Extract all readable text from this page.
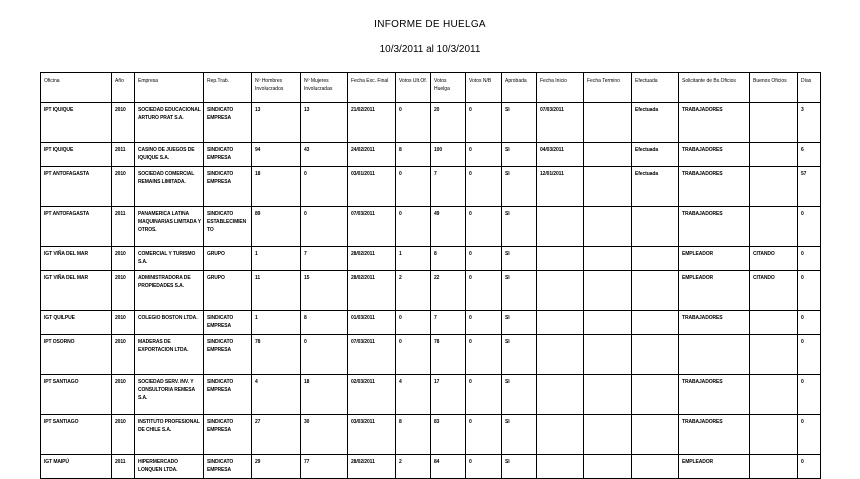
INFORME DE HUELGA
10/3/2011 al 10/3/2011
Oficina	Año	Empresa	Rep.Trab.	Nº Hombres Involucrados	Nº Mujeres Involucradas	Fecha Exc. Final	Votos Ult.Of.	Votos Huelga	Votos N/B	Aprobada	Fecha Inicio	Fecha Termino	Efectuada	Solicitante de Bs.Oficios	Buenos Oficios	Días
IPT IQUIQUE	2010	SOCIEDAD EDUCACIONAL ARTURO PRAT S.A.	SINDICATO EMPRESA	13	13	21/02/2011	0	20	0	SI	07/03/2011		Efectuada	TRABAJADORES		3
IPT IQUIQUE	2011	CASINO DE JUEGOS DE IQUIQUE S.A.	SINDICATO EMPRESA	94	43	24/02/2011	8	100	0	SI	04/03/2011		Efectuada	TRABAJADORES		6
IPT ANTOFAGASTA	2010	SOCIEDAD COMERCIAL REMAINS LIMITADA.	SINDICATO EMPRESA	18	0	03/01/2011	0	7	0	SI	12/01/2011		Efectuada	TRABAJADORES		57
IPT ANTOFAGASTA	2011	PANAMERICA LATINA MAQUINARIAS LIMITADA Y OTROS.	SINDICATO ESTABLECIMIENTO	89	0	07/03/2011	0	49	0	SI				TRABAJADORES		0
IGT VIÑA DEL MAR	2010	COMERCIAL Y TURISMO S.A.	GRUPO	1	7	28/02/2011	1	8	0	SI				EMPLEADOR	CITANDO	0
IGT VIÑA DEL MAR	2010	ADMINISTRADORA DE PROPIEDADES S.A.	GRUPO	11	15	28/02/2011	2	22	0	SI				EMPLEADOR	CITANDO	0
IGT QUILPUE	2010	COLEGIO BOSTON LTDA.	SINDICATO EMPRESA	1	8	01/03/2011	0	7	0	SI				TRABAJADORES		0
IPT OSORNO	2010	MADERAS DE EXPORTACION LTDA.	SINDICATO EMPRESA	78	0	07/03/2011	0	78	0	SI						0
IPT SANTIAGO	2010	SOCIEDAD SERV. INV. Y CONSULTORIA REMESA S.A.	SINDICATO EMPRESA	4	18	02/03/2011	4	17	0	SI				TRABAJADORES		0
IPT SANTIAGO	2010	INSTITUTO PROFESIONAL DE CHILE S.A.	SINDICATO EMPRESA	27	30	03/03/2011	8	83	0	SI				TRABAJADORES		0
IGT MAIPÚ	2011	HIPERMERCADO LONQUEN LTDA.	SINDICATO EMPRESA	29	77	28/02/2011	2	84	0	SI				EMPLEADOR		0
